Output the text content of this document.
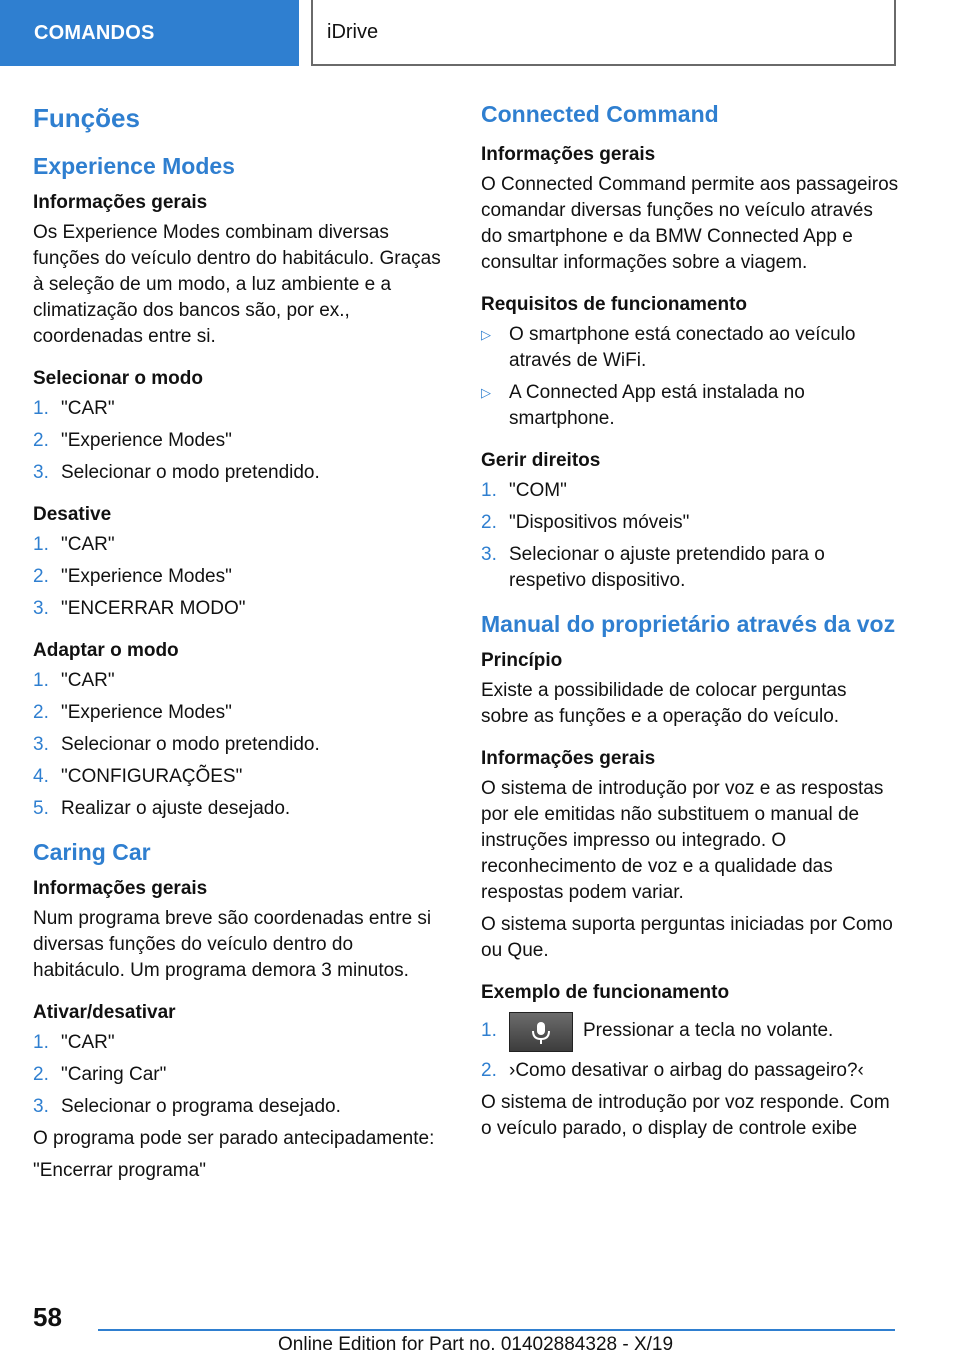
COMANDOS	iDrive
Funções
Experience Modes
Informações gerais

Os Experience Modes combinam diversas funções do veículo dentro do habitáculo. Graças à seleção de um modo, a luz ambiente e a climatização dos bancos são, por ex., coordenadas entre si.

Selecionar o modo
1. "CAR"
2. "Experience Modes"
3. Selecionar o modo pretendido.
Desative
1. "CAR"
2. "Experience Modes"
3. "ENCERRAR MODO"
Adaptar o modo
1. "CAR"
2. "Experience Modes"
3. Selecionar o modo pretendido.
4. "CONFIGURAÇÕES"
5. Realizar o ajuste desejado.
Caring Car
Informações gerais

Num programa breve são coordenadas entre si diversas funções do veículo dentro do habitáculo. Um programa demora 3 minutos.

Ativar/desativar
1. "CAR"
2. "Caring Car"
3. Selecionar o programa desejado.

O programa pode ser parado antecipadamente:

"Encerrar programa"

Connected Command
Informações gerais

O Connected Command permite aos passageiros comandar diversas funções no veículo através do smartphone e da BMW Connected App e consultar informações sobre a viagem.

Requisitos de funcionamento
▷ O smartphone está conectado ao veículo através de WiFi.
▷ A Connected App está instalada no smartphone.
Gerir direitos
1. "COM"
2. "Dispositivos móveis"
3. Selecionar o ajuste pretendido para o respetivo dispositivo.
Manual do proprietário através da voz
Princípio

Existe a possibilidade de colocar perguntas sobre as funções e a operação do veículo.

Informações gerais

O sistema de introdução por voz e as respostas por ele emitidas não substituem o manual de instruções impresso ou integrado. O reconhecimento de voz e a qualidade das respostas podem variar.

O sistema suporta perguntas iniciadas por Como ou Que.

Exemplo de funcionamento
1.	Pressionar a tecla no volante.
2. ›Como desativar o airbag do passageiro?‹

O sistema de introdução por voz responde. Com o veículo parado, o display de controle exibe

58
Online Edition for Part no. 01402884328 - X/19
